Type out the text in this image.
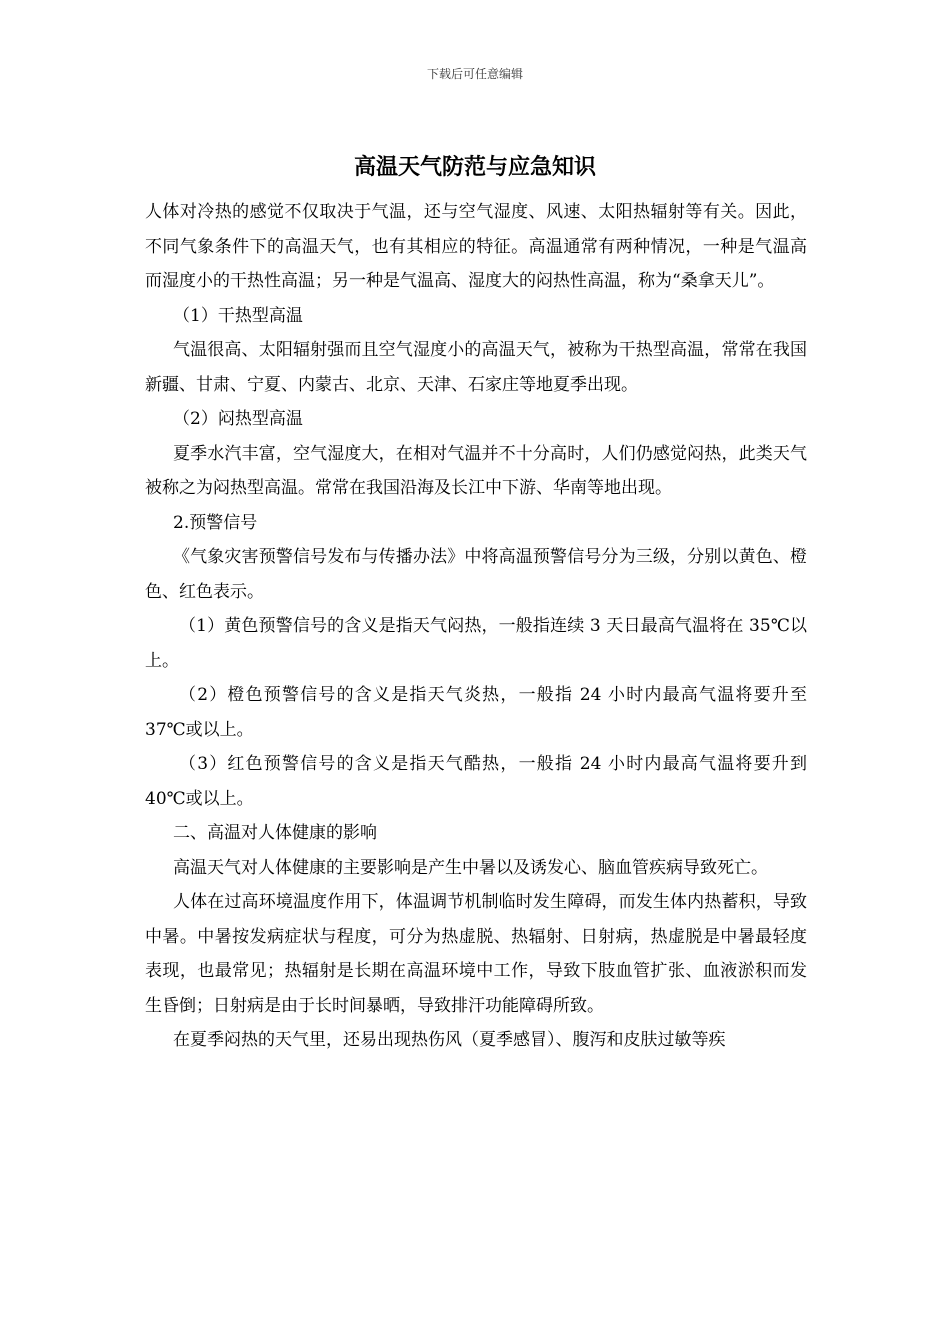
下载后可任意编辑
高温天气防范与应急知识

人体对冷热的感觉不仅取决于气温，还与空气湿度、风速、太阳热辐射等有关。因此，不同气象条件下的高温天气，也有其相应的特征。高温通常有两种情况，一种是气温高而湿度小的干热性高温；另一种是气温高、湿度大的闷热性高温，称为“桑拿天儿”。

（1）干热型高温

气温很高、太阳辐射强而且空气湿度小的高温天气，被称为干热型高温，常常在我国新疆、甘肃、宁夏、内蒙古、北京、天津、石家庄等地夏季出现。

（2）闷热型高温

夏季水汽丰富，空气湿度大，在相对气温并不十分高时，人们仍感觉闷热，此类天气被称之为闷热型高温。常常在我国沿海及长江中下游、华南等地出现。

2.预警信号

《气象灾害预警信号发布与传播办法》中将高温预警信号分为三级，分别以黄色、橙色、红色表示。

（1）黄色预警信号的含义是指天气闷热，一般指连续 3 天日最高气温将在 35℃以上。

（2）橙色预警信号的含义是指天气炎热，一般指 24 小时内最高气温将要升至 37℃或以上。

（3）红色预警信号的含义是指天气酷热，一般指 24 小时内最高气温将要升到 40℃或以上。

二、高温对人体健康的影响

高温天气对人体健康的主要影响是产生中暑以及诱发心、脑血管疾病导致死亡。

人体在过高环境温度作用下，体温调节机制临时发生障碍，而发生体内热蓄积，导致中暑。中暑按发病症状与程度，可分为热虚脱、热辐射、日射病，热虚脱是中暑最轻度表现，也最常见；热辐射是长期在高温环境中工作，导致下肢血管扩张、血液淤积而发生昏倒；日射病是由于长时间暴晒，导致排汗功能障碍所致。

在夏季闷热的天气里，还易出现热伤风（夏季感冒）、腹泻和皮肤过敏等疾
